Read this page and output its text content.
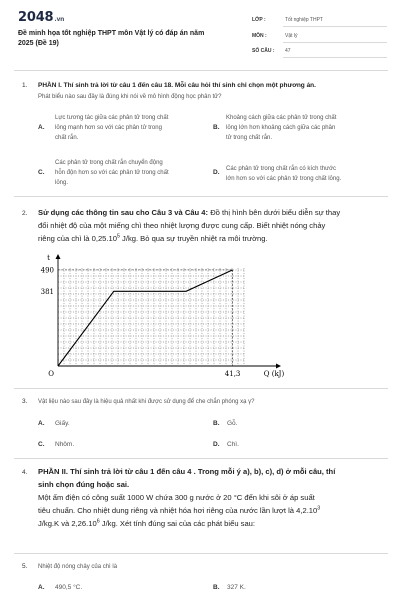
2048.vn
Đề minh họa tốt nghiệp THPT môn Vật lý có đáp án năm 2025 (Đề 19)
LỚP :	Tốt nghiệp THPT
MÔN :	Vật lý
SỐ CÂU : 47
1. PHẦN I. Thí sinh trả lời từ câu 1 đến câu 18. Mỗi câu hỏi thí sinh chỉ chọn một phương án.
Phát biểu nào sau đây là đúng khi nói về mô hình động học phân tử?
A.
Lực tương tác giữa các phân tử trong chất
lỏng mạnh hơn so với các phân tử trong
chất rắn.
B.
Khoảng cách giữa các phân tử trong chất
lỏng lớn hơn khoảng cách giữa các phân
tử trong chất rắn.
C.
Các phân tử trong chất rắn chuyển động
hỗn độn hơn so với các phân tử trong chất
lỏng.
D. Các phân tử trong chất rắn có kích thước
lớn hơn so với các phân tử trong chất lỏng.
2. Sử dụng các thông tin sau cho Câu 3 và Câu 4: Đồ thị hình bên dưới biểu diễn sự thay
đổi nhiệt độ của một miếng chì theo nhiệt lượng được cung cấp. Biết nhiệt nóng chảy
riêng của chì là 0,25.10$^5$ J/kg. Bỏ qua sự truyền nhiệt ra môi trường.
490
381
t
O	41,3	Q (kJ)
3. Vật liệu nào sau đây là hiệu quả nhất khi được sử dụng để che chắn phóng xạ γ?
A. Giấy.	B. Gỗ.
C. Nhôm.	D. Chì.
4. PHẦN II. Thí sinh trả lời từ câu 1 đến câu 4 . Trong mỗi ý a), b), c), d) ở mỗi câu, thí
sinh chọn đúng hoặc sai.
Một ấm điện có công suất 1000 W chứa 300 g nước ở 20 °C đến khi sôi ở áp suất
tiêu chuẩn. Cho nhiệt dung riêng và nhiệt hóa hơi riêng của nước lần lượt là 4,2.10$^3$
J/kg.K và 2,26.10$^6$ J/kg. Xét tính đúng sai của các phát biểu sau:
5. Nhiệt độ nóng chảy của chì là
A. 490,5 °C.	B. 327 K.
